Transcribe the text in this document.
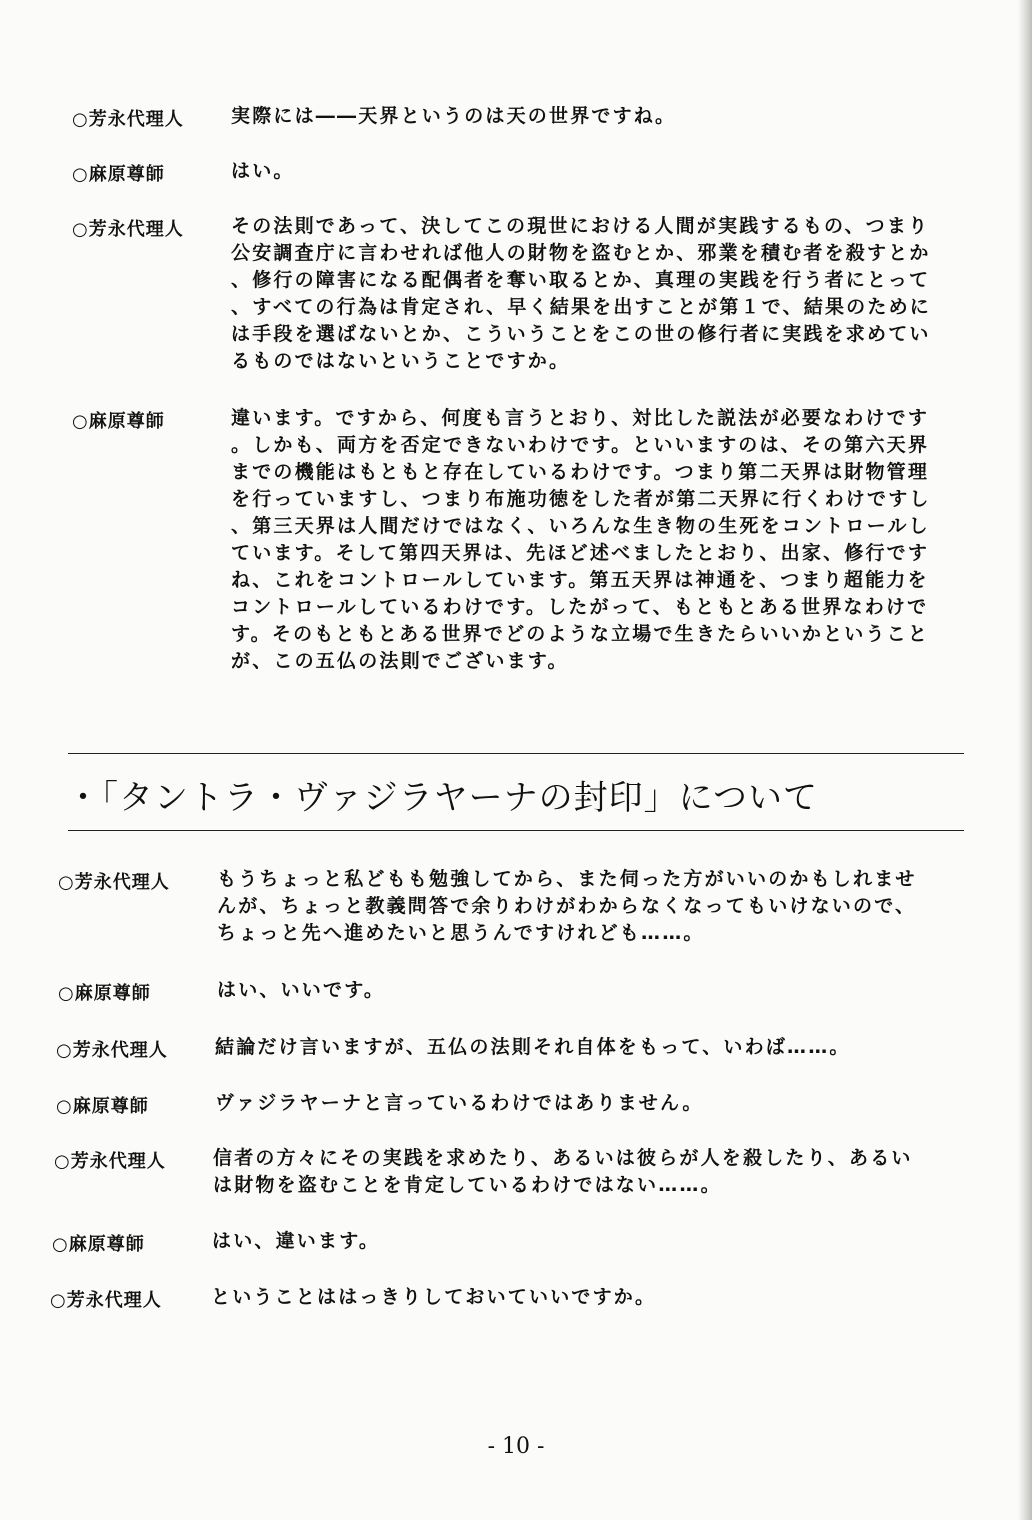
・「タントラ・ヴァジラヤーナの封印」について
- 10 -
○芳永代理人 実際には――天界というのは天の世界ですね。
○麻原尊師	はい。
○芳永代理人 その法則であって、決してこの現世における人間が実践するもの、つまり
公安調査庁に言わせれば他人の財物を盗むとか、邪業を積む者を殺すとか
、修行の障害になる配偶者を奪い取るとか、真理の実践を行う者にとって
、すべての行為は肯定され、早く結果を出すことが第１で、結果のために
は手段を選ばないとか、こういうことをこの世の修行者に実践を求めてい
るものではないということですか。
○麻原尊師	違います。ですから、何度も言うとおり、対比した説法が必要なわけです
。しかも、両方を否定できないわけです。といいますのは、その第六天界
までの機能はもともと存在しているわけです。つまり第二天界は財物管理
を行っていますし、つまり布施功徳をした者が第二天界に行くわけですし
、第三天界は人間だけではなく、いろんな生き物の生死をコントロールし
ています。そして第四天界は、先ほど述べましたとおり、出家、修行です
ね、これをコントロールしています。第五天界は神通を、つまり超能力を
コントロールしているわけです。したがって、もともとある世界なわけで
す。そのもともとある世界でどのような立場で生きたらいいかということ
が、この五仏の法則でございます。
○芳永代理人 もうちょっと私どもも勉強してから、また伺った方がいいのかもしれませ
んが、ちょっと教義問答で余りわけがわからなくなってもいけないので、
ちょっと先へ進めたいと思うんですけれども……。
○麻原尊師	はい、いいです。
○芳永代理人 結論だけ言いますが、五仏の法則それ自体をもって、いわば……。
○麻原尊師	ヴァジラヤーナと言っているわけではありません。
○芳永代理人 信者の方々にその実践を求めたり、あるいは彼らが人を殺したり、あるい
は財物を盗むことを肯定しているわけではない……。
○麻原尊師	はい、違います。
○芳永代理人	ということははっきりしておいていいですか。
